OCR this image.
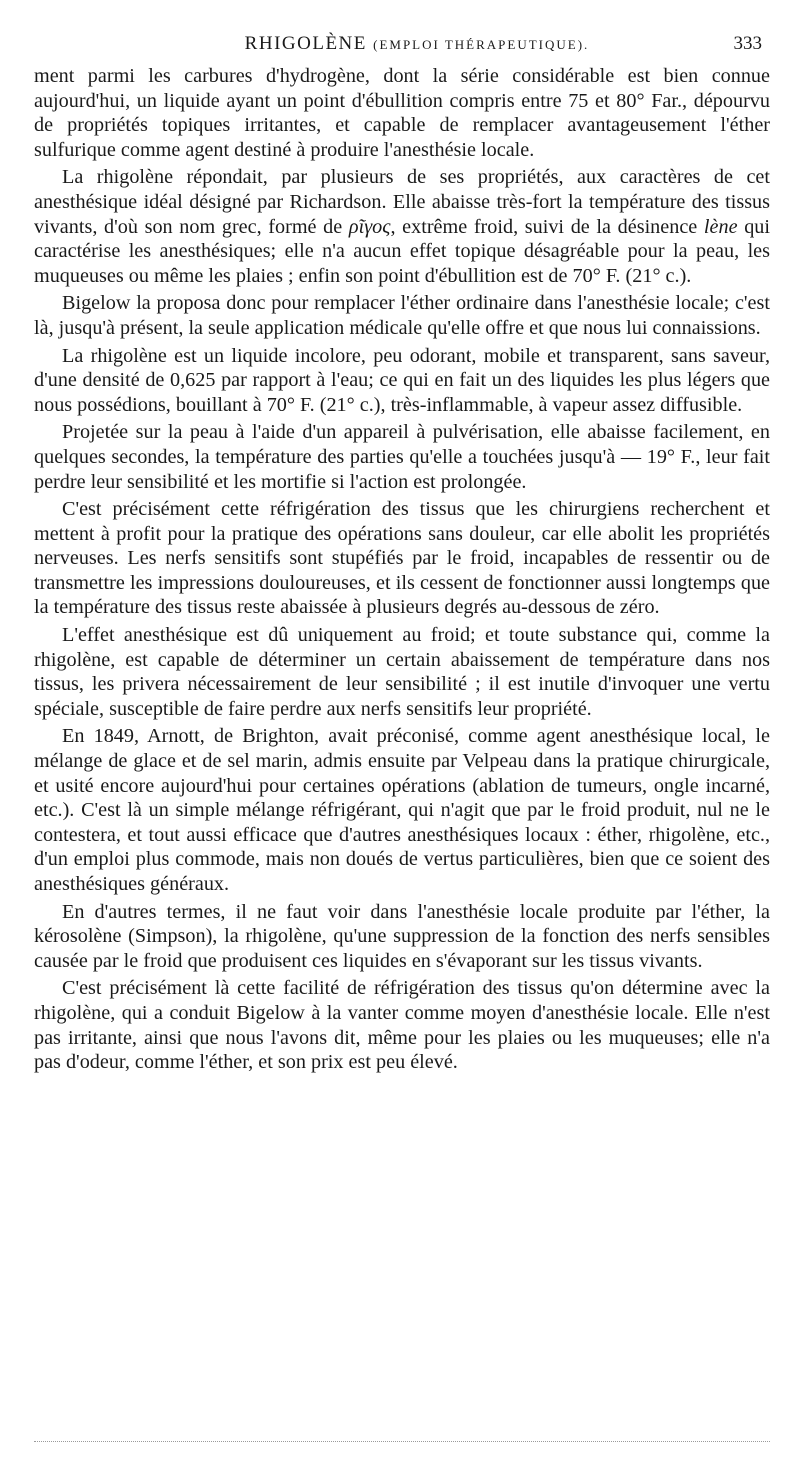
RHIGOLÈNE (EMPLOI THÉRAPEUTIQUE).	333

ment parmi les carbures d'hydrogène, dont la série considérable est bien connue aujourd'hui, un liquide ayant un point d'ébullition compris entre 75 et 80° Far., dépourvu de propriétés topiques irritantes, et capable de remplacer avantageusement l'éther sulfurique comme agent destiné à produire l'anesthésie locale.

La rhigolène répondait, par plusieurs de ses propriétés, aux caractères de cet anesthésique idéal désigné par Richardson. Elle abaisse très-fort la température des tissus vivants, d'où son nom grec, formé de ρῖγος, extrême froid, suivi de la désinence lène qui caractérise les anesthésiques; elle n'a aucun effet topique désagréable pour la peau, les muqueuses ou même les plaies ; enfin son point d'ébullition est de 70° F. (21° c.).

Bigelow la proposa donc pour remplacer l'éther ordinaire dans l'anesthésie locale; c'est là, jusqu'à présent, la seule application médicale qu'elle offre et que nous lui connaissions.

La rhigolène est un liquide incolore, peu odorant, mobile et transparent, sans saveur, d'une densité de 0,625 par rapport à l'eau; ce qui en fait un des liquides les plus légers que nous possédions, bouillant à 70° F. (21° c.), très-inflammable, à vapeur assez diffusible.

Projetée sur la peau à l'aide d'un appareil à pulvérisation, elle abaisse facilement, en quelques secondes, la température des parties qu'elle a touchées jusqu'à — 19° F., leur fait perdre leur sensibilité et les mortifie si l'action est prolongée.

C'est précisément cette réfrigération des tissus que les chirurgiens recherchent et mettent à profit pour la pratique des opérations sans douleur, car elle abolit les propriétés nerveuses. Les nerfs sensitifs sont stupéfiés par le froid, incapables de ressentir ou de transmettre les impressions douloureuses, et ils cessent de fonctionner aussi longtemps que la température des tissus reste abaissée à plusieurs degrés au-dessous de zéro.

L'effet anesthésique est dû uniquement au froid; et toute substance qui, comme la rhigolène, est capable de déterminer un certain abaissement de température dans nos tissus, les privera nécessairement de leur sensibilité ; il est inutile d'invoquer une vertu spéciale, susceptible de faire perdre aux nerfs sensitifs leur propriété.

En 1849, Arnott, de Brighton, avait préconisé, comme agent anesthésique local, le mélange de glace et de sel marin, admis ensuite par Velpeau dans la pratique chirurgicale, et usité encore aujourd'hui pour certaines opérations (ablation de tumeurs, ongle incarné, etc.). C'est là un simple mélange réfrigérant, qui n'agit que par le froid produit, nul ne le contestera, et tout aussi efficace que d'autres anesthésiques locaux : éther, rhigolène, etc., d'un emploi plus commode, mais non doués de vertus particulières, bien que ce soient des anesthésiques généraux.

En d'autres termes, il ne faut voir dans l'anesthésie locale produite par l'éther, la kérosolène (Simpson), la rhigolène, qu'une suppression de la fonction des nerfs sensibles causée par le froid que produisent ces liquides en s'évaporant sur les tissus vivants.

C'est précisément là cette facilité de réfrigération des tissus qu'on détermine avec la rhigolène, qui a conduit Bigelow à la vanter comme moyen d'anesthésie locale. Elle n'est pas irritante, ainsi que nous l'avons dit, même pour les plaies ou les muqueuses; elle n'a pas d'odeur, comme l'éther, et son prix est peu élevé.
